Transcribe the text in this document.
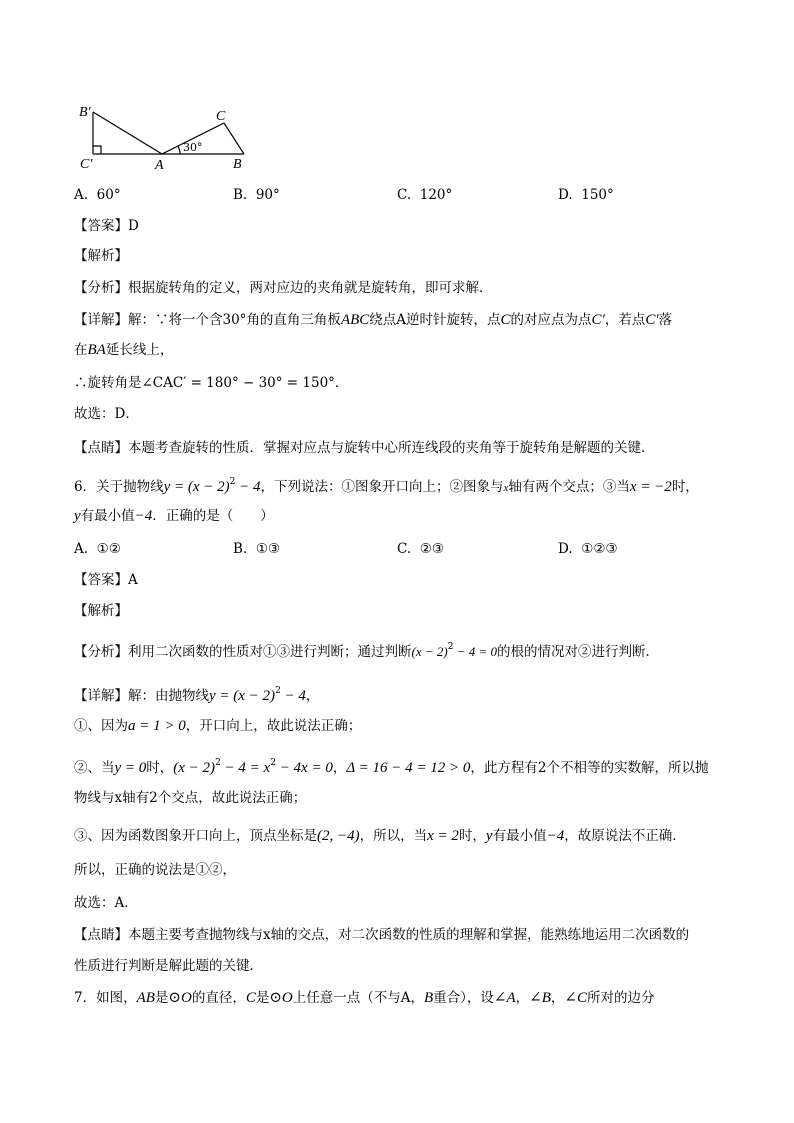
B′
C′	A
C
B
30°
A. 60°	B. 90°	C. 120°	D. 150°
【答案】D
【解析】
【分析】根据旋转角的定义，两对应边的夹角就是旋转角，即可求解．
【详解】解：∵将一个含30°角的直角三角板ABC绕点A逆时针旋转，点C的对应点为点C′，若点C′落
在BA延长线上，
∴旋转角是∠CAC′ = 180° − 30° = 150°．
故选：D．
【点睛】本题考查旋转的性质．掌握对应点与旋转中心所连线段的夹角等于旋转角是解题的关键．
6．关于抛物线$y = (x - 2)^2 - 4$，下列说法：①图象开口向上；②图象与x轴有两个交点；③当x = −2时，
y有最小值−4．正确的是（　　）
A. ①②	B. ①③	C. ②③	D. ①②③
【答案】A
【解析】
【分析】利用二次函数的性质对①③进行判断；通过判断$(x - 2)^2 - 4 = 0$的根的情况对②进行判断．
【详解】解：由抛物线$y = (x - 2)^2 - 4$，
①、因为a = 1 > 0，开口向上，故此说法正确；
②、当y = 0时，$(x - 2)^2 - 4 = x^2 - 4x = 0$，Δ = 16 − 4 = 12 > 0，此方程有2个不相等的实数解，所以抛
物线与x轴有2个交点，故此说法正确；
③、因为函数图象开口向上，顶点坐标是(2, −4)，所以，当x = 2时，y有最小值−4，故原说法不正确．
所以，正确的说法是①②，
故选：A．
【点睛】本题主要考查抛物线与x轴的交点，对二次函数的性质的理解和掌握，能熟练地运用二次函数的
性质进行判断是解此题的关键．
7．如图，AB是⊙O的直径，C是⊙O上任意一点（不与A，B重合），设∠A，∠B，∠C所对的边分
